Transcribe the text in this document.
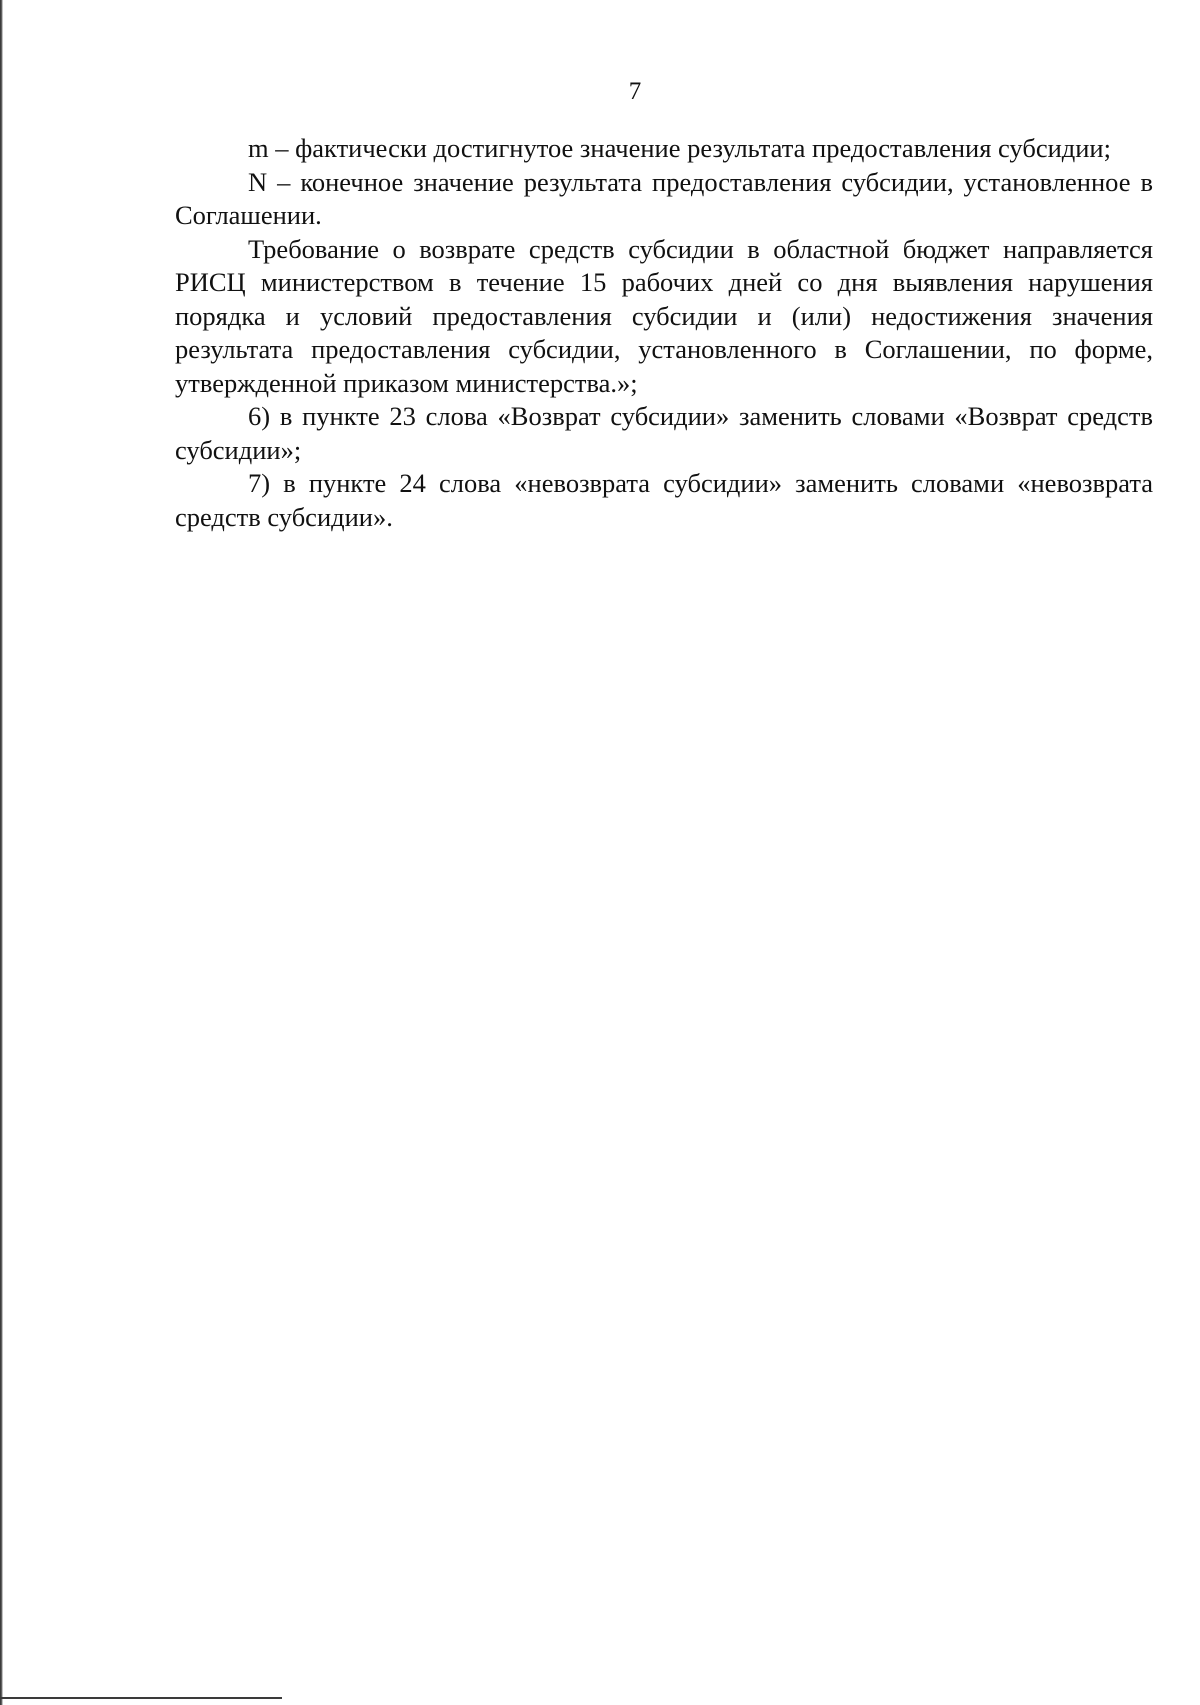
7

m – фактически достигнутое значение результата предоставления субсидии;

N – конечное значение результата предоставления субсидии, установленное в Соглашении.

Требование о возврате средств субсидии в областной бюджет направляется РИСЦ министерством в течение 15 рабочих дней со дня выявления нарушения порядка и условий предоставления субсидии и (или) недостижения значения результата предоставления субсидии, установленного в Соглашении, по форме, утвержденной приказом министерства.»;

6) в пункте 23 слова «Возврат субсидии» заменить словами «Возврат средств субсидии»;

7) в пункте 24 слова «невозврата субсидии» заменить словами «невозврата средств субсидии».
